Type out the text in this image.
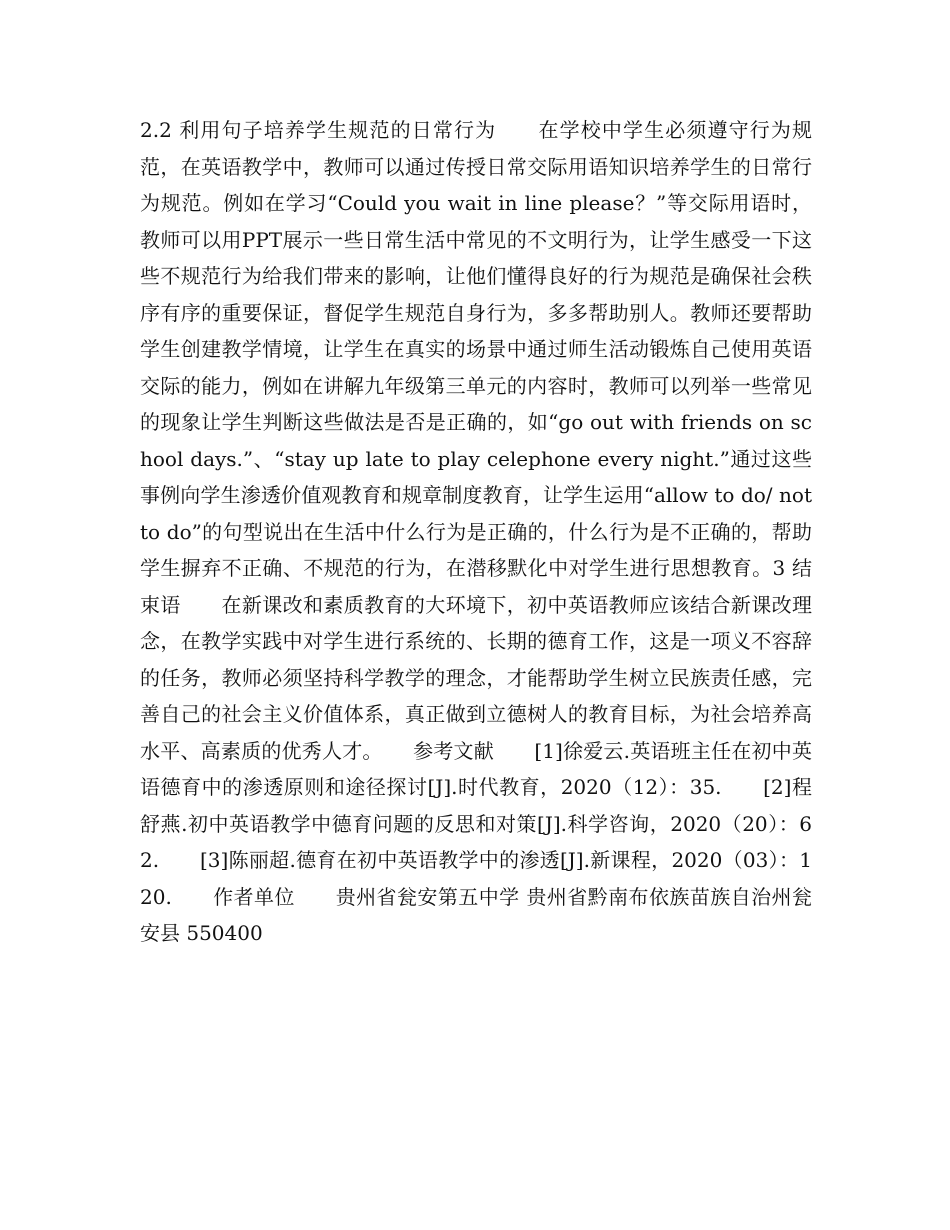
2.2 利用句子培养学生规范的日常行为　　在学校中学生必须遵守行为规范，在英语教学中，教师可以通过传授日常交际用语知识培养学生的日常行为规范。例如在学习“Could you wait in line please？”等交际用语时，教师可以用PPT展示一些日常生活中常见的不文明行为，让学生感受一下这些不规范行为给我们带来的影响，让他们懂得良好的行为规范是确保社会秩序有序的重要保证，督促学生规范自身行为，多多帮助别人。教师还要帮助学生创建教学情境，让学生在真实的场景中通过师生活动锻炼自己使用英语交际的能力，例如在讲解九年级第三单元的内容时，教师可以列举一些常见的现象让学生判断这些做法是否是正确的，如“go out with friends on school days.”、“stay up late to play celephone every night.”通过这些事例向学生渗透价值观教育和规章制度教育，让学生运用“allow to do/ not to do”的句型说出在生活中什么行为是正确的，什么行为是不正确的，帮助学生摒弃不正确、不规范的行为，在潜移默化中对学生进行思想教育。3 结束语　　在新课改和素质教育的大环境下，初中英语教师应该结合新课改理念，在教学实践中对学生进行系统的、长期的德育工作，这是一项义不容辞的任务，教师必须坚持科学教学的理念，才能帮助学生树立民族责任感，完善自己的社会主义价值体系，真正做到立德树人的教育目标，为社会培养高水平、高素质的优秀人才。　　参考文献　　[1]徐爱云.英语班主任在初中英语德育中的渗透原则和途径探讨[J].时代教育，2020（12）：35.　　[2]程舒燕.初中英语教学中德育问题的反思和对策[J].科学咨询，2020（20）：62.　　[3]陈丽超.德育在初中英语教学中的渗透[J].新课程，2020（03）：120.　　作者单位　　贵州省瓮安第五中学 贵州省黔南布依族苗族自治州瓮安县 550400
